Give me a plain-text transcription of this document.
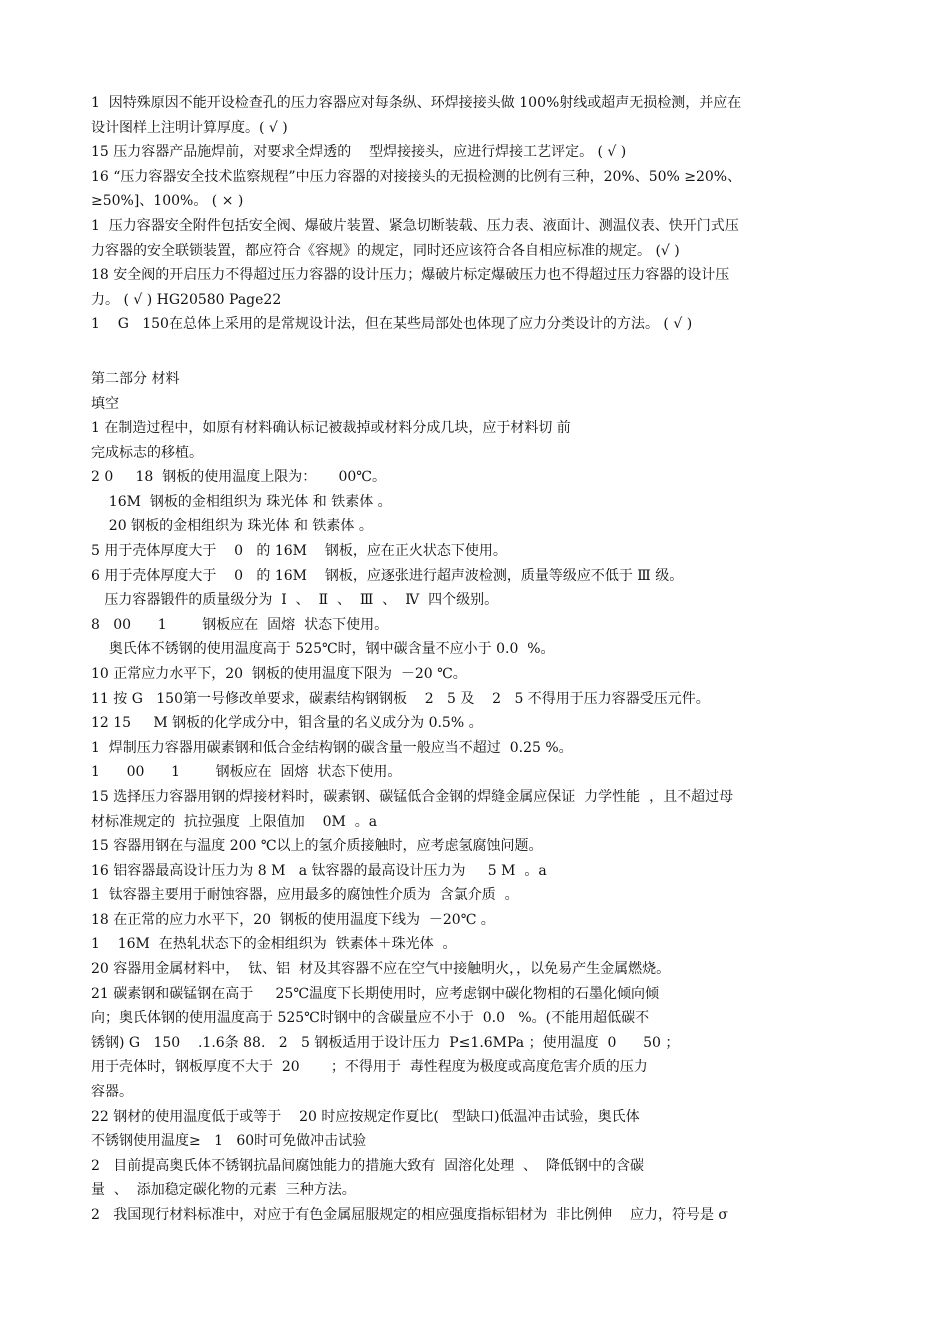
1  因特殊原因不能开设检查孔的压力容器应对每条纵、环焊接接头做 100%射线或超声无损检测，并应在

设计图样上注明计算厚度。( √ )

15 压力容器产品施焊前，对要求全焊透的    型焊接接头，应进行焊接工艺评定。 ( √ )

16 “压力容器安全技术监察规程”中压力容器的对接接头的无损检测的比例有三种，20%、50% ≥20%、

≥50%]、100%。 ( × )

1  压力容器安全附件包括安全阀、爆破片装置、紧急切断装载、压力表、液面计、测温仪表、快开门式压

力容器的安全联锁装置，都应符合《容规》的规定，同时还应该符合各自相应标准的规定。 (√ )

18 安全阀的开启压力不得超过压力容器的设计压力；爆破片标定爆破压力也不得超过压力容器的设计压

力。 ( √ ) HG20580 Page22

1    G   150在总体上采用的是常规设计法，但在某些局部处也体现了应力分类设计的方法。 ( √ )

第二部分 材料

填空

1 在制造过程中，如原有材料确认标记被裁掉或材料分成几块，应于材料切 前

完成标志的移植。

2 0     18  钢板的使用温度上限为：     00℃。

16M  钢板的金相组织为 珠光体 和 铁素体 。

20 钢板的金相组织为 珠光体 和 铁素体 。

5 用于壳体厚度大于    0   的 16M    钢板，应在正火状态下使用。

6 用于壳体厚度大于    0   的 16M    钢板，应逐张进行超声波检测，质量等级应不低于 Ⅲ 级。

压力容器锻件的质量级分为  Ⅰ  、  Ⅱ  、  Ⅲ  、  Ⅳ  四个级别。

8   00      1        钢板应在  固熔  状态下使用。

奥氏体不锈钢的使用温度高于 525℃时，钢中碳含量不应小于 0.0  %。

10 正常应力水平下，20  钢板的使用温度下限为  －20 ℃。

11 按 G   150第一号修改单要求，碳素结构钢钢板    2   5 及    2   5 不得用于压力容器受压元件。

12 15     M 钢板的化学成分中，钼含量的名义成分为 0.5% 。

1  焊制压力容器用碳素钢和低合金结构钢的碳含量一般应当不超过  0.25 %。

1      00      1        钢板应在  固熔  状态下使用。

15 选择压力容器用钢的焊接材料时，碳素钢、碳锰低合金钢的焊缝金属应保证  力学性能  ，且不超过母

材标准规定的  抗拉强度  上限值加    0M  。a

15 容器用钢在与温度 200 ℃以上的氢介质接触时，应考虑氢腐蚀问题。

16 铝容器最高设计压力为 8 M   a 钛容器的最高设计压力为     5 M  。a

1  钛容器主要用于耐蚀容器，应用最多的腐蚀性介质为  含氯介质  。

18 在正常的应力水平下，20  钢板的使用温度下线为  －20℃ 。

1    16M  在热轧状态下的金相组织为  铁素体＋珠光体  。

20 容器用金属材料中，  钛、铝  材及其容器不应在空气中接触明火，，以免易产生金属燃烧。

21 碳素钢和碳锰钢在高于     25℃温度下长期使用时，应考虑钢中碳化物相的石墨化倾向倾

向；奥氏体钢的使用温度高于 525℃时钢中的含碳量应不小于  0.0   %。(不能用超低碳不

锈钢) G   150    .1.6条 88.   2   5 钢板适用于设计压力  P≤1.6MPa ；使用温度  0      50 ；

用于壳体时，钢板厚度不大于  20       ；不得用于  毒性程度为极度或高度危害介质的压力

容器。

22 钢材的使用温度低于或等于    20 时应按规定作夏比(   型缺口)低温冲击试验，奥氏体

不锈钢使用温度≥   1   60时可免做冲击试验

2   目前提高奥氏体不锈钢抗晶间腐蚀能力的措施大致有  固溶化处理  、  降低钢中的含碳

量  、  添加稳定碳化物的元素  三种方法。

2   我国现行材料标准中，对应于有色金属屈服规定的相应强度指标铝材为  非比例伸    应力，符号是 σ
